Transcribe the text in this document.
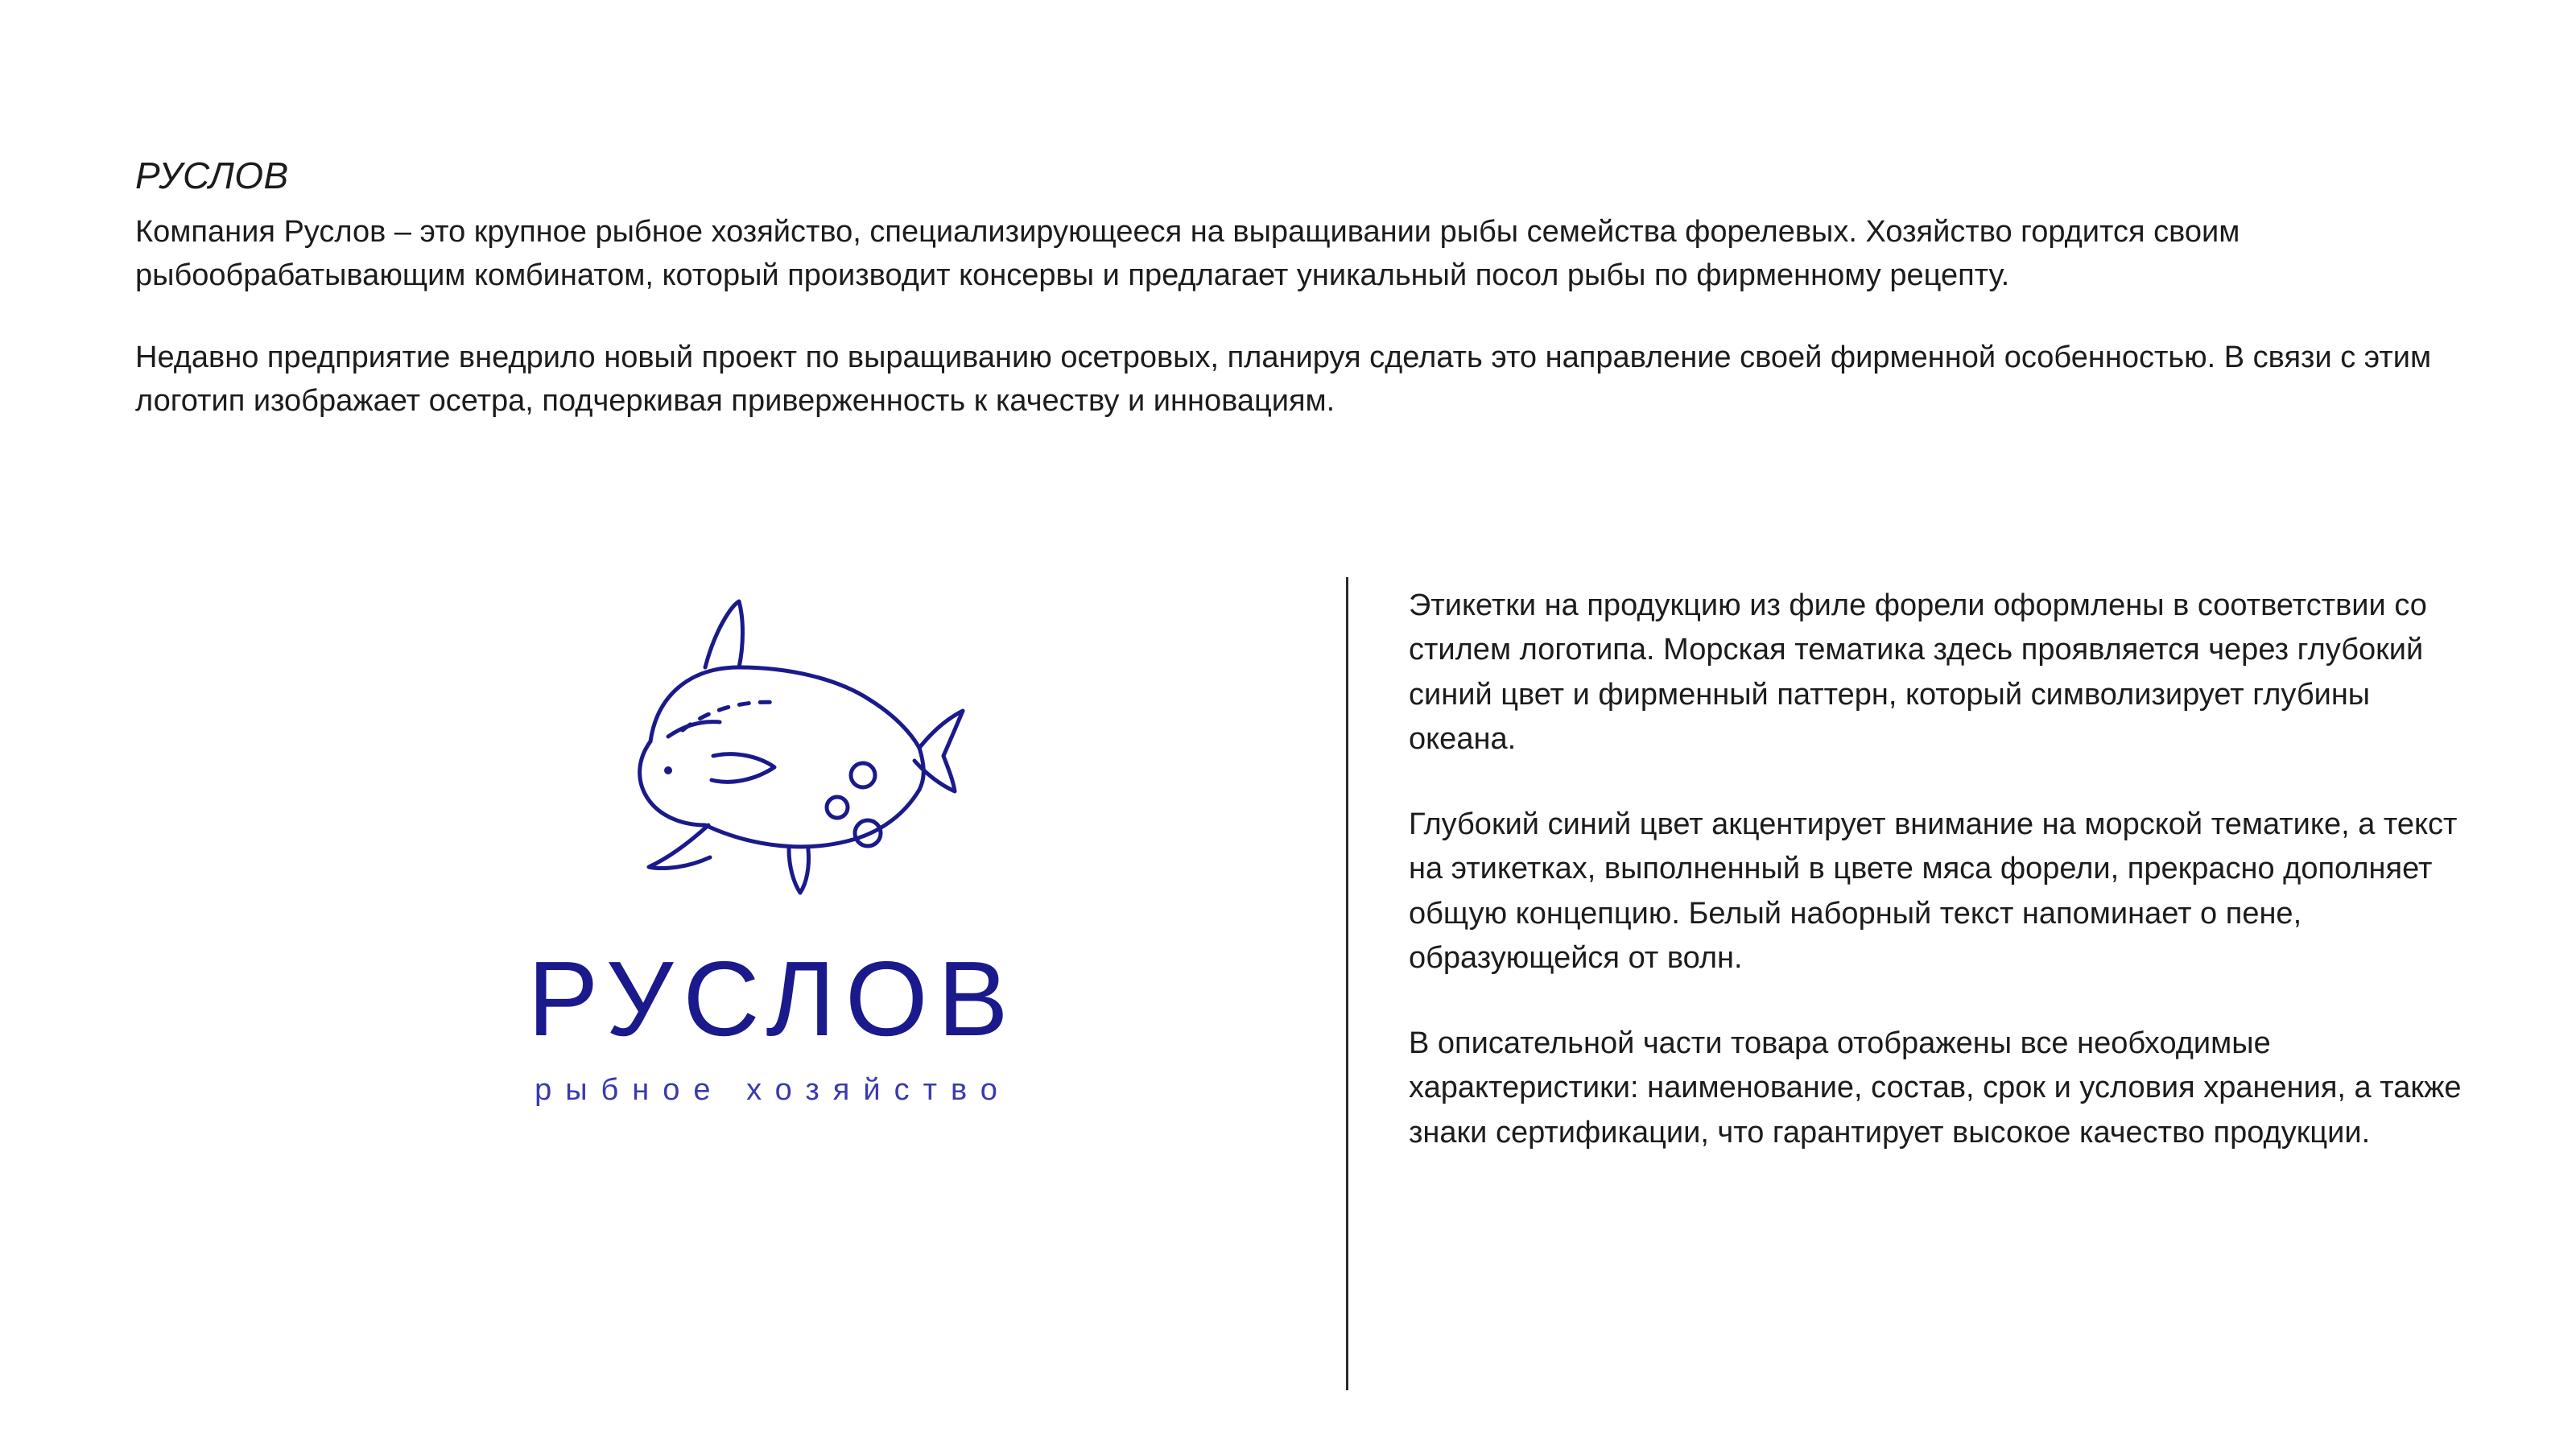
РУСЛОВ

Компания Руслов – это крупное рыбное хозяйство, специализирующееся на выращивании рыбы семейства форелевых. Хозяйство гордится своим рыбообрабатывающим комбинатом, который производит консервы и предлагает уникальный посол рыбы по фирменному рецепту.

Недавно предприятие внедрило новый проект по выращиванию осетровых, планируя сделать это направление своей фирменной особенностью. В связи с этим логотип изображает осетра, подчеркивая приверженность к качеству и инновациям.

РУСЛОВ
рыбное хозяйство

Этикетки на продукцию из филе форели оформлены в соответствии со стилем логотипа. Морская тематика здесь проявляется через глубокий синий цвет и фирменный паттерн, который символизирует глубины океана.

Глубокий синий цвет акцентирует внимание на морской тематике, а текст на этикетках, выполненный в цвете мяса форели, прекрасно дополняет общую концепцию. Белый наборный текст напоминает о пене, образующейся от волн.

В описательной части товара отображены все необходимые характеристики: наименование, состав, срок и условия хранения, а также знаки сертификации, что гарантирует высокое качество продукции.
